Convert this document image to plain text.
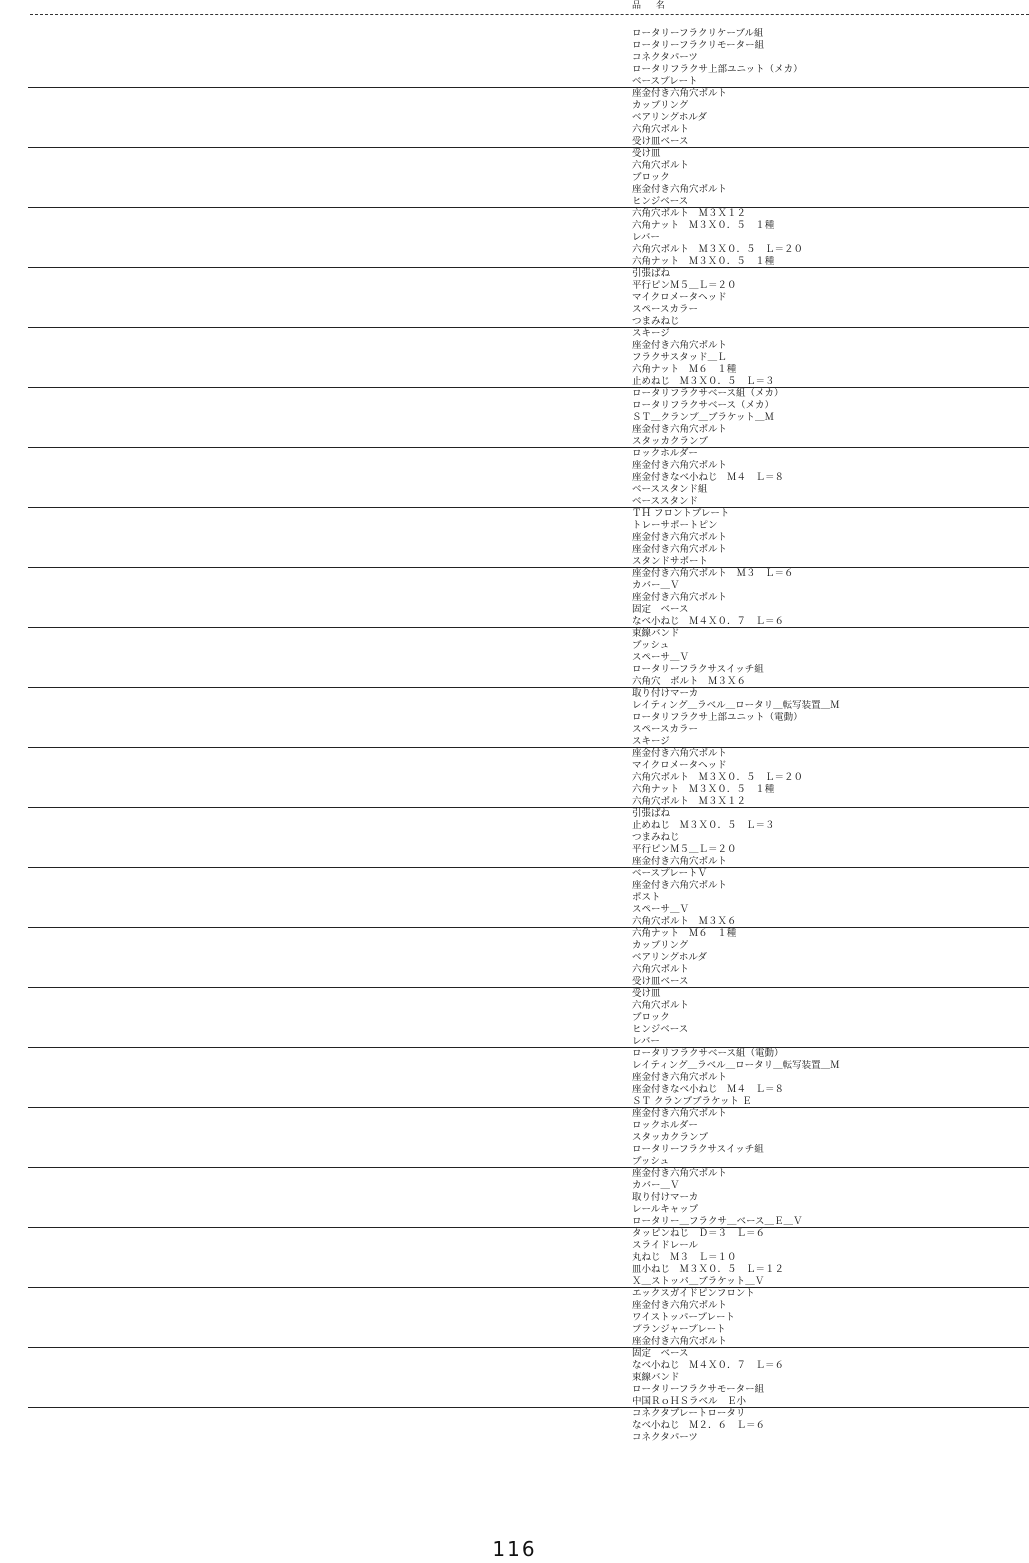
品 名
ロータリーフラクリケーブル組
ロータリーフラクリモーター組
コネクタパーツ
ロータリフラクサ上部ユニット（メカ）
ベースプレート
座金付き六角穴ボルト
カップリング
ベアリングホルダ
六角穴ボルト
受け皿ベース
受け皿
六角穴ボルト
ブロック
座金付き六角穴ボルト
ヒンジベース
六角穴ボルト　Ｍ３Ｘ１２
六角ナット　Ｍ３Ｘ０．５　１種
レバー
六角穴ボルト　Ｍ３Ｘ０．５　Ｌ＝２０
六角ナット　Ｍ３Ｘ０．５　１種
引張ばね
平行ピンＭ５＿Ｌ＝２０
マイクロメータヘッド
スペースカラー
つまみねじ
スキージ
座金付き六角穴ボルト
フラクサスタッド＿Ｌ
六角ナット　Ｍ６　１種
止めねじ　Ｍ３Ｘ０．５　Ｌ＝３
ロータリフラクサベース組（メカ）
ロータリフラクサベース（メカ）
ＳＴ＿クランプ＿ブラケット＿Ｍ
座金付き六角穴ボルト
スタッカクランプ
ロックホルダー
座金付き六角穴ボルト
座金付きなべ小ねじ　Ｍ４　Ｌ＝８
ベーススタンド組
ベーススタンド
ＴＨ フロントプレート
トレーサポートピン
座金付き六角穴ボルト
座金付き六角穴ボルト
スタンドサポート
座金付き六角穴ボルト　Ｍ３　Ｌ＝６
カバー＿Ｖ
座金付き六角穴ボルト
固定　ベース
なべ小ねじ　Ｍ４Ｘ０．７　Ｌ＝６
束線バンド
ブッシュ
スペーサ＿Ｖ
ロータリーフラクサスイッチ組
六角穴　ボルト　Ｍ３Ｘ６
取り付けマーカ
レイティング＿ラベル＿ロータリ＿転写装置＿Ｍ
ロータリフラクサ上部ユニット（電動）
スペースカラー
スキージ
座金付き六角穴ボルト
マイクロメータヘッド
六角穴ボルト　Ｍ３Ｘ０．５　Ｌ＝２０
六角ナット　Ｍ３Ｘ０．５　１種
六角穴ボルト　Ｍ３Ｘ１２
引張ばね
止めねじ　Ｍ３Ｘ０．５　Ｌ＝３
つまみねじ
平行ピンＭ５＿Ｌ＝２０
座金付き六角穴ボルト
ベースプレートＶ
座金付き六角穴ボルト
ポスト
スペーサ＿Ｖ
六角穴ボルト　Ｍ３Ｘ６
六角ナット　Ｍ６　１種
カップリング
ベアリングホルダ
六角穴ボルト
受け皿ベース
受け皿
六角穴ボルト
ブロック
ヒンジベース
レバー
ロータリフラクサベース組（電動）
レイティング＿ラベル＿ロータリ＿転写装置＿Ｍ
座金付き六角穴ボルト
座金付きなべ小ねじ　Ｍ４　Ｌ＝８
ＳＴ クランプブラケット Ｅ
座金付き六角穴ボルト
ロックホルダー
スタッカクランプ
ロータリーフラクサスイッチ組
ブッシュ
座金付き六角穴ボルト
カバー＿Ｖ
取り付けマーカ
レールキャップ
ロータリー＿フラクサ＿ベース＿Ｅ＿Ｖ
タッピンねじ　Ｄ＝３　Ｌ＝６
スライドレール
丸ねじ　Ｍ３　Ｌ＝１０
皿小ねじ　Ｍ３Ｘ０．５　Ｌ＝１２
Ｘ＿ストッパ＿ブラケット＿Ｖ
エックスガイドピンフロント
座金付き六角穴ボルト
ワイストッパープレート
プランジャープレート
座金付き六角穴ボルト
固定　ベース
なべ小ねじ　Ｍ４Ｘ０．７　Ｌ＝６
束線バンド
ロータリーフラクサモーター組
中国ＲｏＨＳラベル　Ｅ小
コネクタプレートロータリ
なべ小ねじ　Ｍ２．６　Ｌ＝６
コネクタパーツ
116
